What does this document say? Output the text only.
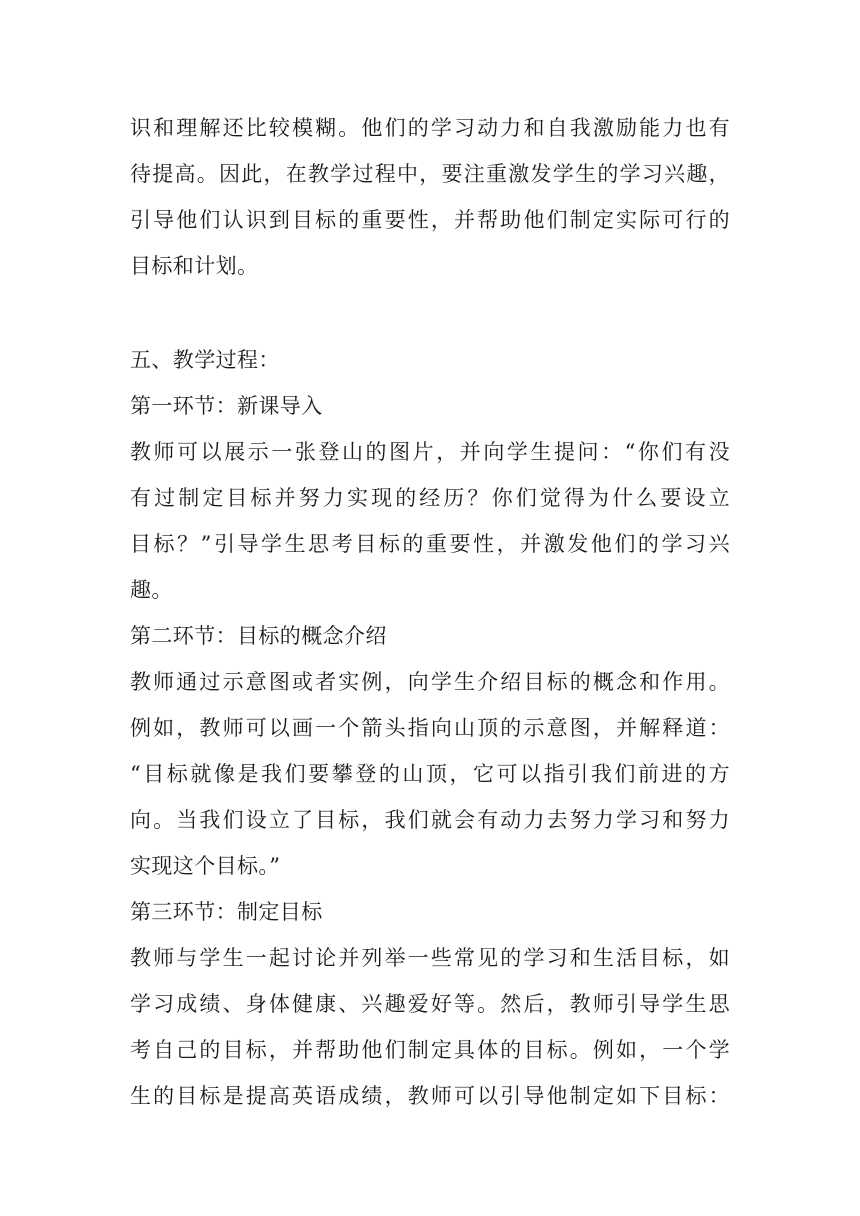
识和理解还比较模糊。他们的学习动力和自我激励能力也有
待提高。因此，在教学过程中，要注重激发学生的学习兴趣，
引导他们认识到目标的重要性，并帮助他们制定实际可行的
目标和计划。
五、教学过程：
第一环节：新课导入
教师可以展示一张登山的图片，并向学生提问：“你们有没
有过制定目标并努力实现的经历？你们觉得为什么要设立
目标？”引导学生思考目标的重要性，并激发他们的学习兴
趣。
第二环节：目标的概念介绍
教师通过示意图或者实例，向学生介绍目标的概念和作用。
例如，教师可以画一个箭头指向山顶的示意图，并解释道：
“目标就像是我们要攀登的山顶，它可以指引我们前进的方
向。当我们设立了目标，我们就会有动力去努力学习和努力
实现这个目标。”
第三环节：制定目标
教师与学生一起讨论并列举一些常见的学习和生活目标，如
学习成绩、身体健康、兴趣爱好等。然后，教师引导学生思
考自己的目标，并帮助他们制定具体的目标。例如，一个学
生的目标是提高英语成绩，教师可以引导他制定如下目标：
